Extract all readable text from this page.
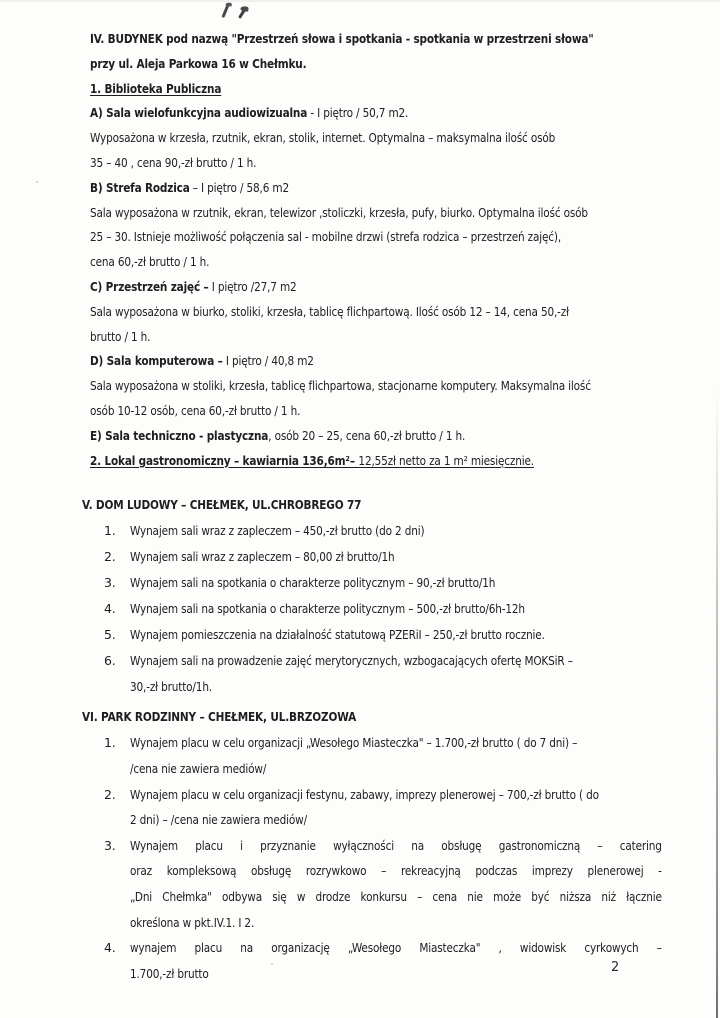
IV. BUDYNEK pod nazwą "Przestrzeń słowa i spotkania - spotkania w przestrzeni słowa"
przy ul. Aleja Parkowa 16 w Chełmku.
1. Biblioteka Publiczna
A) Sala wielofunkcyjna audiowizualna - I piętro / 50,7 m2.
Wyposażona w krzesła, rzutnik, ekran, stolik, internet. Optymalna – maksymalna ilość osób
35 – 40 , cena 90,-zł brutto / 1 h.
B) Strefa Rodzica – I piętro / 58,6 m2
Sala wyposażona w rzutnik, ekran, telewizor ,stoliczki, krzesła, pufy, biurko. Optymalna ilość osób
25 – 30. Istnieje możliwość połączenia sal - mobilne drzwi (strefa rodzica – przestrzeń zajęć),
cena 60,-zł brutto / 1 h.
C) Przestrzeń zajęć – I piętro /27,7 m2
Sala wyposażona w biurko, stoliki, krzesła, tablicę flichpartową. Ilość osób 12 – 14, cena 50,-zł
brutto / 1 h.
D) Sala komputerowa – I piętro / 40,8 m2
Sala wyposażona w stoliki, krzesła, tablicę flichpartowa, stacjonarne komputery. Maksymalna ilość
osób 10-12 osób, cena 60,-zł brutto / 1 h.
E) Sala techniczno - plastyczna, osób 20 – 25, cena 60,-zł brutto / 1 h.
2. Lokal gastronomiczny – kawiarnia 136,6m²– 12,55zł netto za 1 m² miesięcznie.
V. DOM LUDOWY – CHEŁMEK, UL.CHROBREGO 77
1.	Wynajem sali wraz z zapleczem – 450,-zł brutto (do 2 dni)
2.	Wynajem sali wraz z zapleczem – 80,00 zł brutto/1h
3.	Wynajem sali na spotkania o charakterze politycznym – 90,-zł brutto/1h
4.	Wynajem sali na spotkania o charakterze politycznym – 500,-zł brutto/6h-12h
5.	Wynajem pomieszczenia na działalność statutową PZERiI – 250,-zł brutto rocznie.
6.	Wynajem sali na prowadzenie zajęć merytorycznych, wzbogacających ofertę MOKSiR –
30,-zł brutto/1h.
VI. PARK RODZINNY – CHEŁMEK, UL.BRZOZOWA
1.	Wynajem placu w celu organizacji „Wesołego Miasteczka" – 1.700,-zł brutto ( do 7 dni) –
/cena nie zawiera mediów/
2.	Wynajem placu w celu organizacji festynu, zabawy, imprezy plenerowej – 700,-zł brutto ( do
2 dni) – /cena nie zawiera mediów/
3.	Wynajem placu i przyznanie wyłączności na obsługę gastronomiczną – catering
oraz kompleksową obsługę rozrywkowo – rekreacyjną podczas imprezy plenerowej -
„Dni Chełmka" odbywa się w drodze konkursu – cena nie może być niższa niż łącznie
określona w pkt.IV.1. I 2.
4.	wynajem placu na organizację „Wesołego Miasteczka" , widowisk cyrkowych –
1.700,-zł brutto	2
